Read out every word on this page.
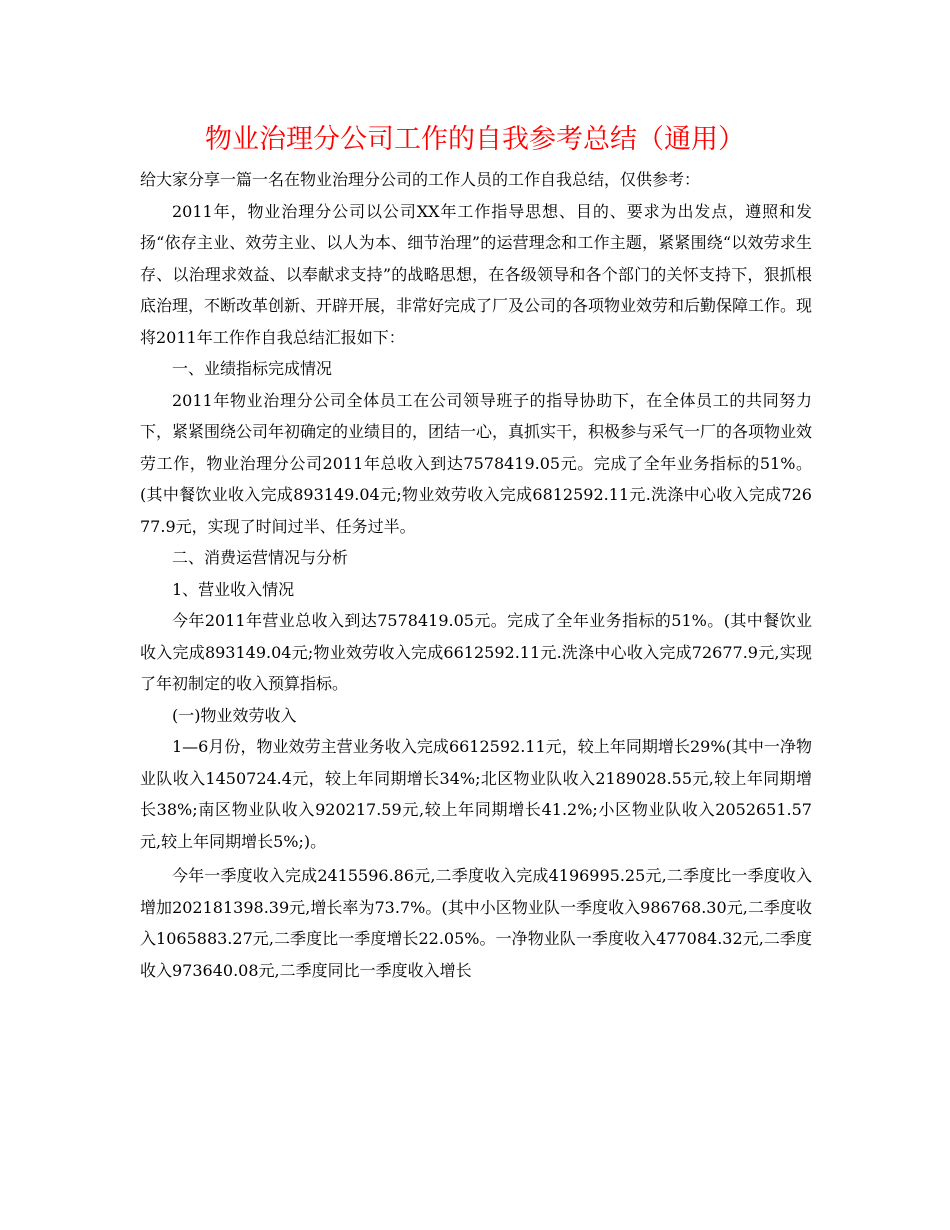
物业治理分公司工作的自我参考总结（通用）

给大家分享一篇一名在物业治理分公司的工作人员的工作自我总结，仅供参考：

2011年，物业治理分公司以公司XX年工作指导思想、目的、要求为出发点，遵照和发扬“依存主业、效劳主业、以人为本、细节治理”的运营理念和工作主题，紧紧围绕“以效劳求生存、以治理求效益、以奉献求支持”的战略思想，在各级领导和各个部门的关怀支持下，狠抓根底治理，不断改革创新、开辟开展，非常好完成了厂及公司的各项物业效劳和后勤保障工作。现将2011年工作作自我总结汇报如下：

一、业绩指标完成情况

2011年物业治理分公司全体员工在公司领导班子的指导协助下，在全体员工的共同努力下，紧紧围绕公司年初确定的业绩目的，团结一心，真抓实干，积极参与采气一厂的各项物业效劳工作，物业治理分公司2011年总收入到达7578419.05元。完成了全年业务指标的51%。(其中餐饮业收入完成893149.04元;物业效劳收入完成6812592.11元.洗涤中心收入完成72677.9元，实现了时间过半、任务过半。

二、消费运营情况与分析

1、营业收入情况

今年2011年营业总收入到达7578419.05元。完成了全年业务指标的51%。(其中餐饮业收入完成893149.04元;物业效劳收入完成6612592.11元.洗涤中心收入完成72677.9元,实现了年初制定的收入预算指标。

(一)物业效劳收入

1—6月份，物业效劳主营业务收入完成6612592.11元，较上年同期增长29%(其中一净物业队收入1450724.4元，较上年同期增长34%;北区物业队收入2189028.55元,较上年同期增长38%;南区物业队收入920217.59元,较上年同期增长41.2%;小区物业队收入2052651.57元,较上年同期增长5%;)。

今年一季度收入完成2415596.86元,二季度收入完成4196995.25元,二季度比一季度收入增加202181398.39元,增长率为73.7%。(其中小区物业队一季度收入986768.30元,二季度收入1065883.27元,二季度比一季度增长22.05%。一净物业队一季度收入477084.32元,二季度收入973640.08元,二季度同比一季度收入增长
